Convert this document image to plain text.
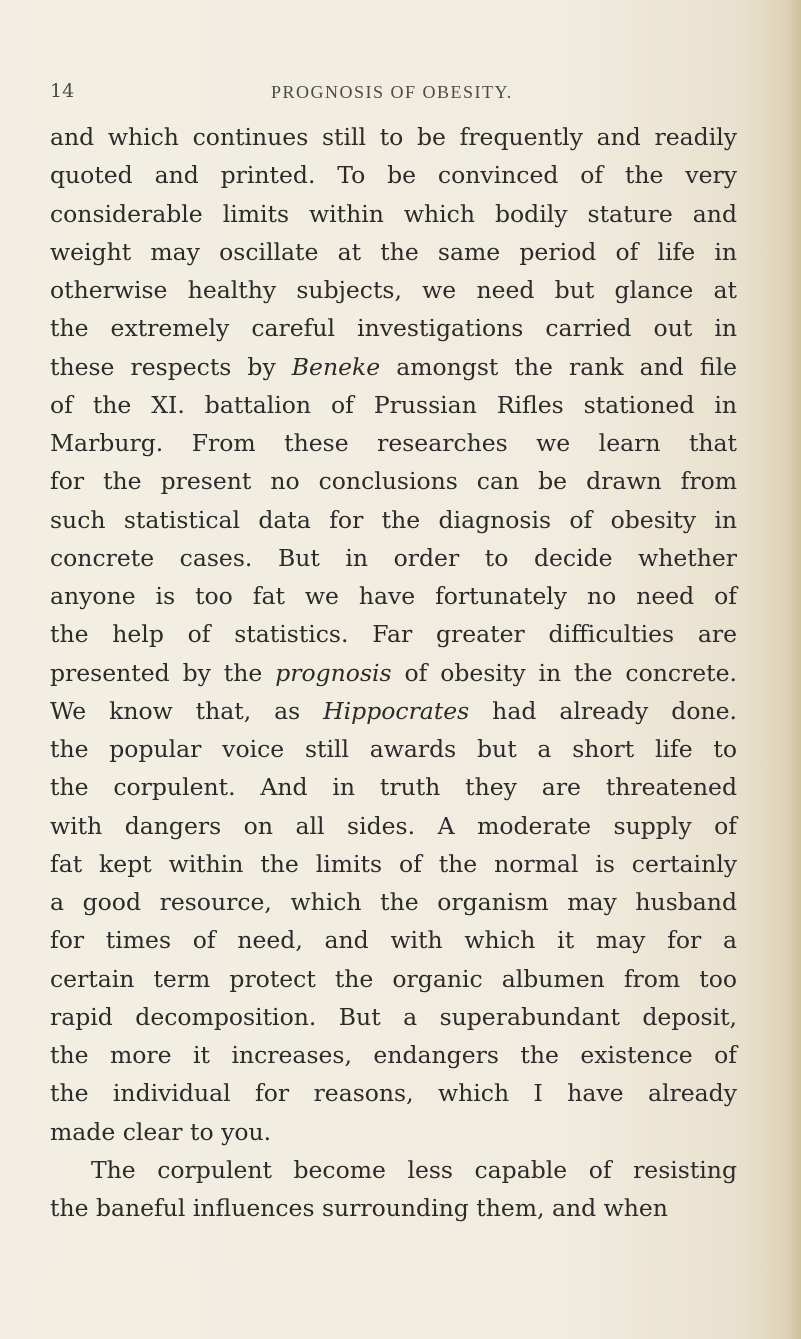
14	PROGNOSIS OF OBESITY.
and which continues still to be frequently and readily
quoted and printed. To be convinced of the very
considerable limits within which bodily stature and
weight may oscillate at the same period of life in
otherwise healthy subjects, we need but glance at
the extremely careful investigations carried out in
these respects by Beneke amongst the rank and file
of the XI. battalion of Prussian Rifles stationed in
Marburg. From these researches we learn that
for the present no conclusions can be drawn from
such statistical data for the diagnosis of obesity in
concrete cases. But in order to decide whether
anyone is too fat we have fortunately no need of
the help of statistics. Far greater difficulties are
presented by the prognosis of obesity in the concrete.
We know that, as Hippocrates had already done.
the popular voice still awards but a short life to
the corpulent. And in truth they are threatened
with dangers on all sides. A moderate supply of
fat kept within the limits of the normal is certainly
a good resource, which the organism may husband
for times of need, and with which it may for a
certain term protect the organic albumen from too
rapid decomposition. But a superabundant deposit,
the more it increases, endangers the existence of
the individual for reasons, which I have already
made clear to you.
The corpulent become less capable of resisting
the baneful influences surrounding them, and when
